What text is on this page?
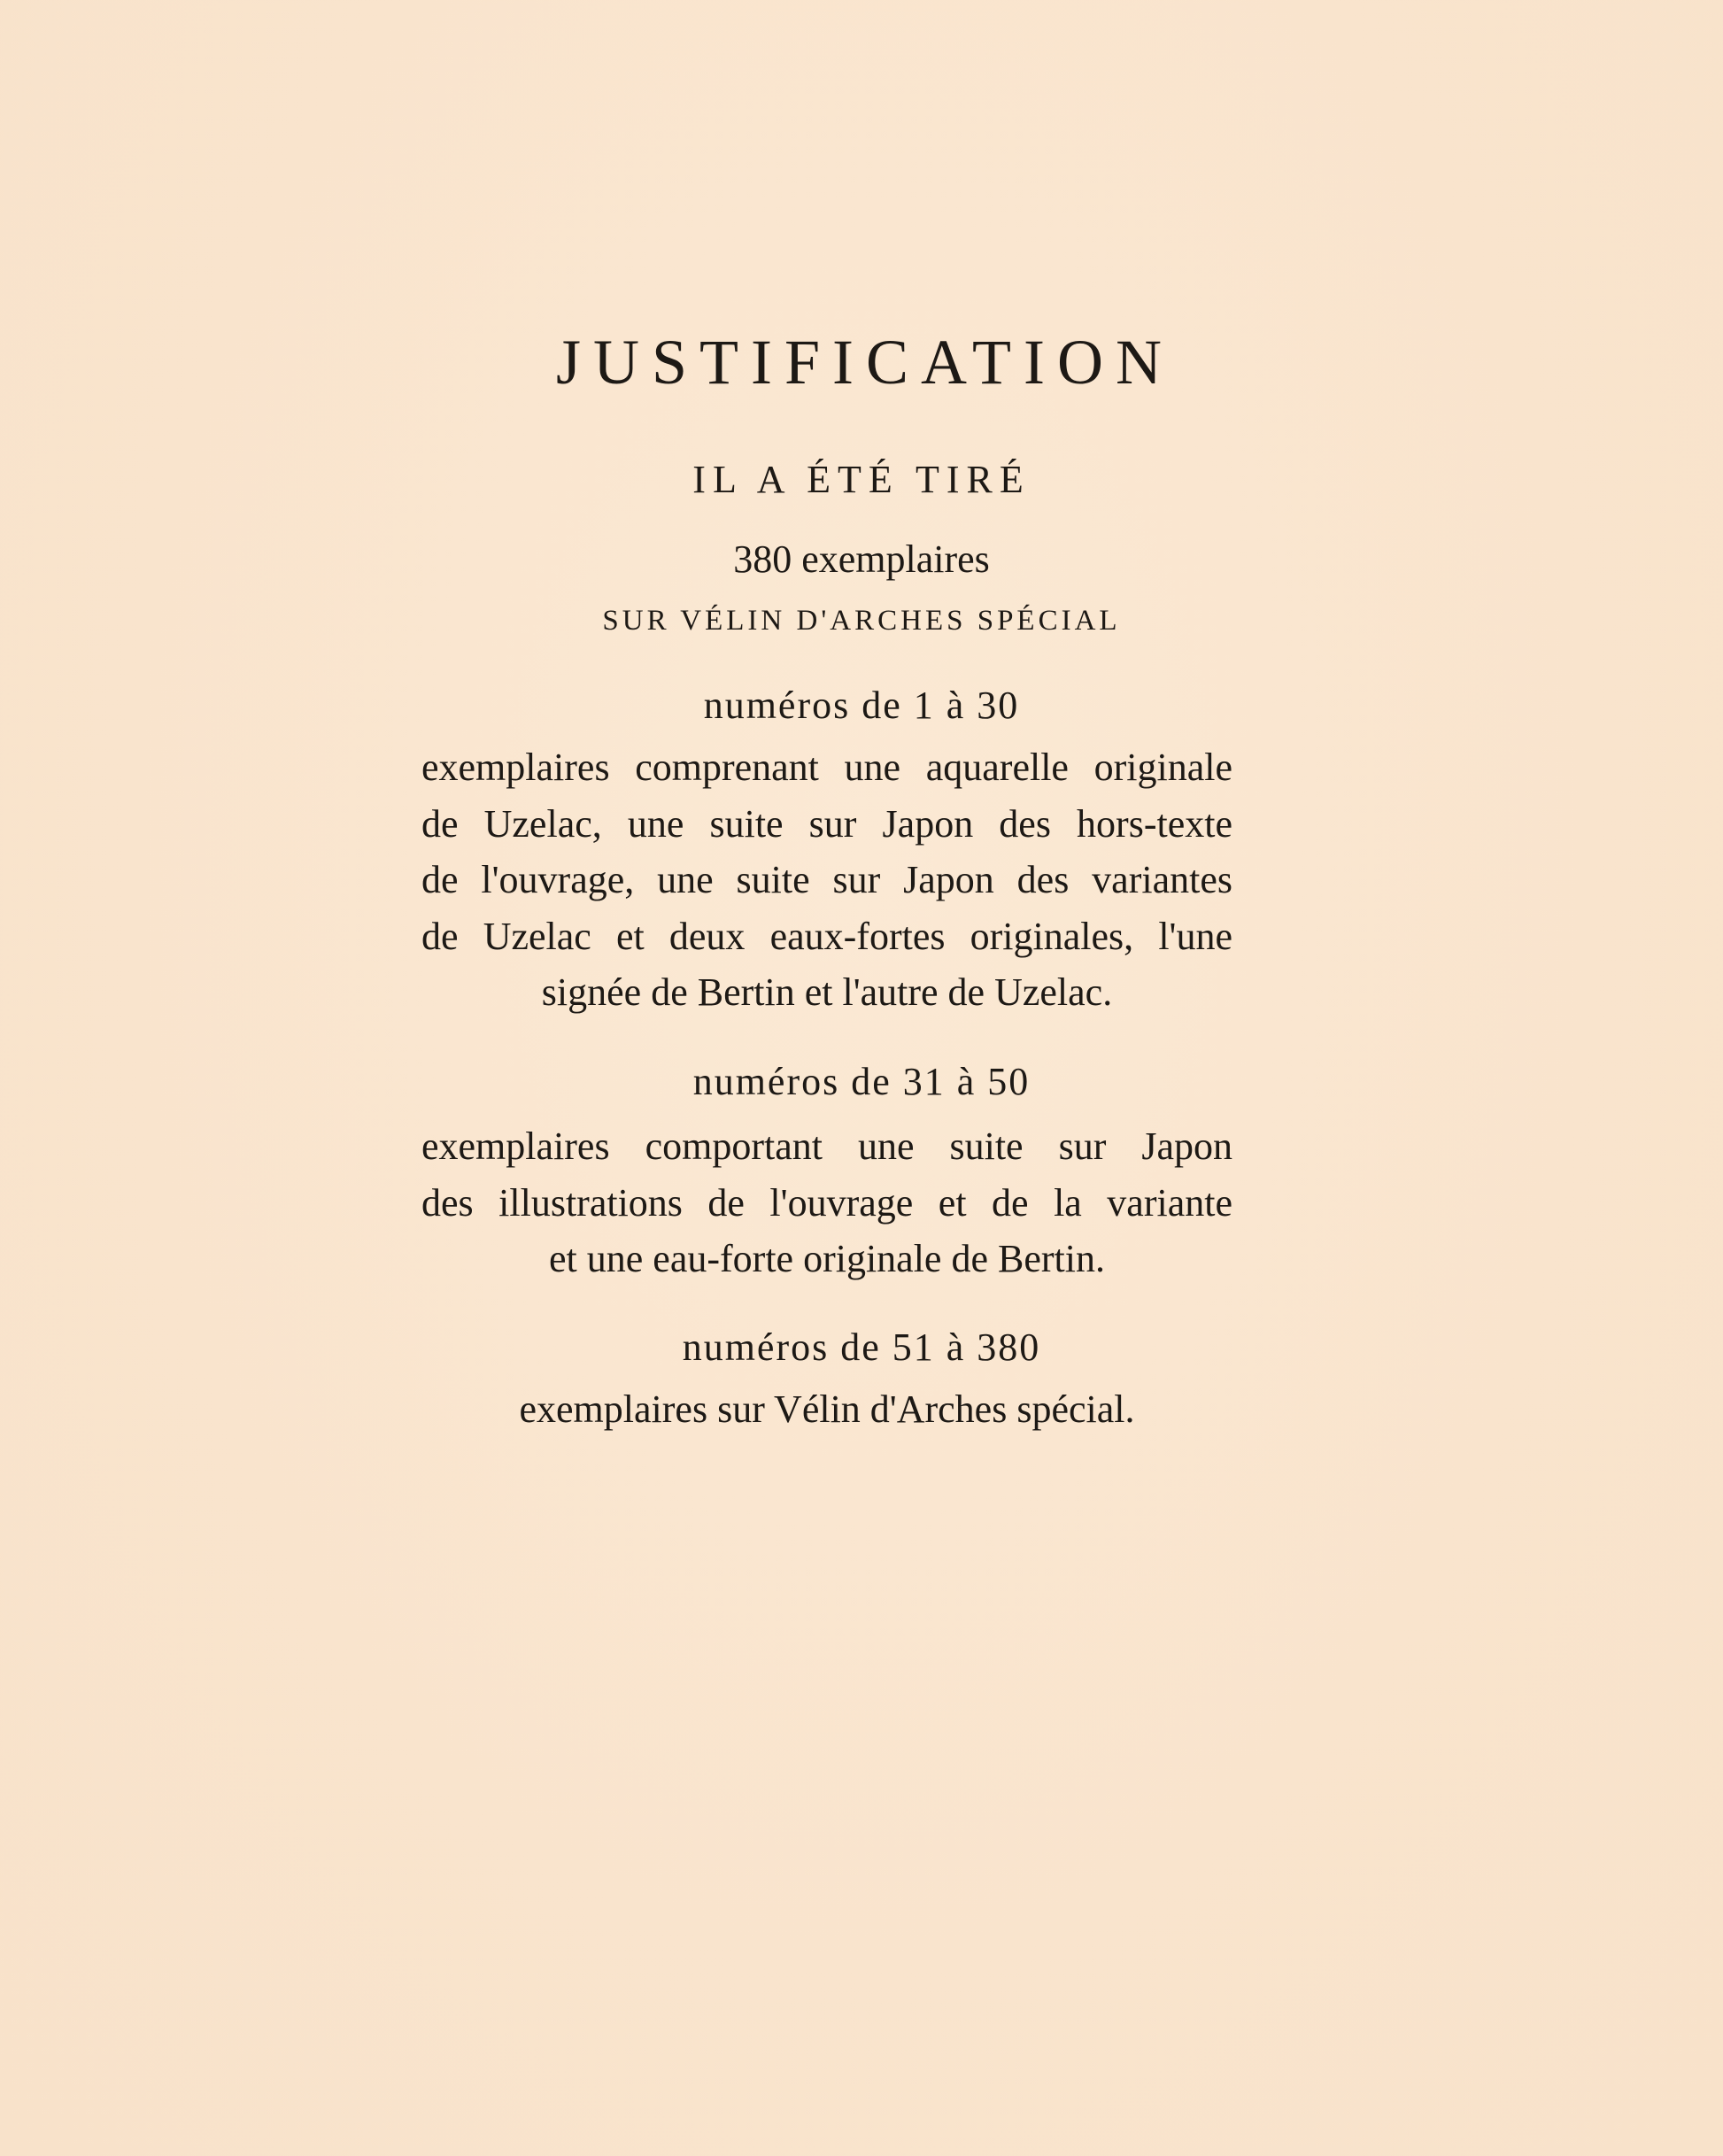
JUSTIFICATION
IL A ÉTÉ TIRÉ
380 exemplaires
SUR VÉLIN D'ARCHES SPÉCIAL
numéros de 1 à 30
exemplaires comprenant une aquarelle originale
de Uzelac, une suite sur Japon des hors-texte
de l'ouvrage, une suite sur Japon des variantes
de Uzelac et deux eaux-fortes originales, l'une
signée de Bertin et l'autre de Uzelac.
numéros de 31 à 50
exemplaires comportant une suite sur Japon
des illustrations de l'ouvrage et de la variante
et une eau-forte originale de Bertin.
numéros de 51 à 380
exemplaires sur Vélin d'Arches spécial.
